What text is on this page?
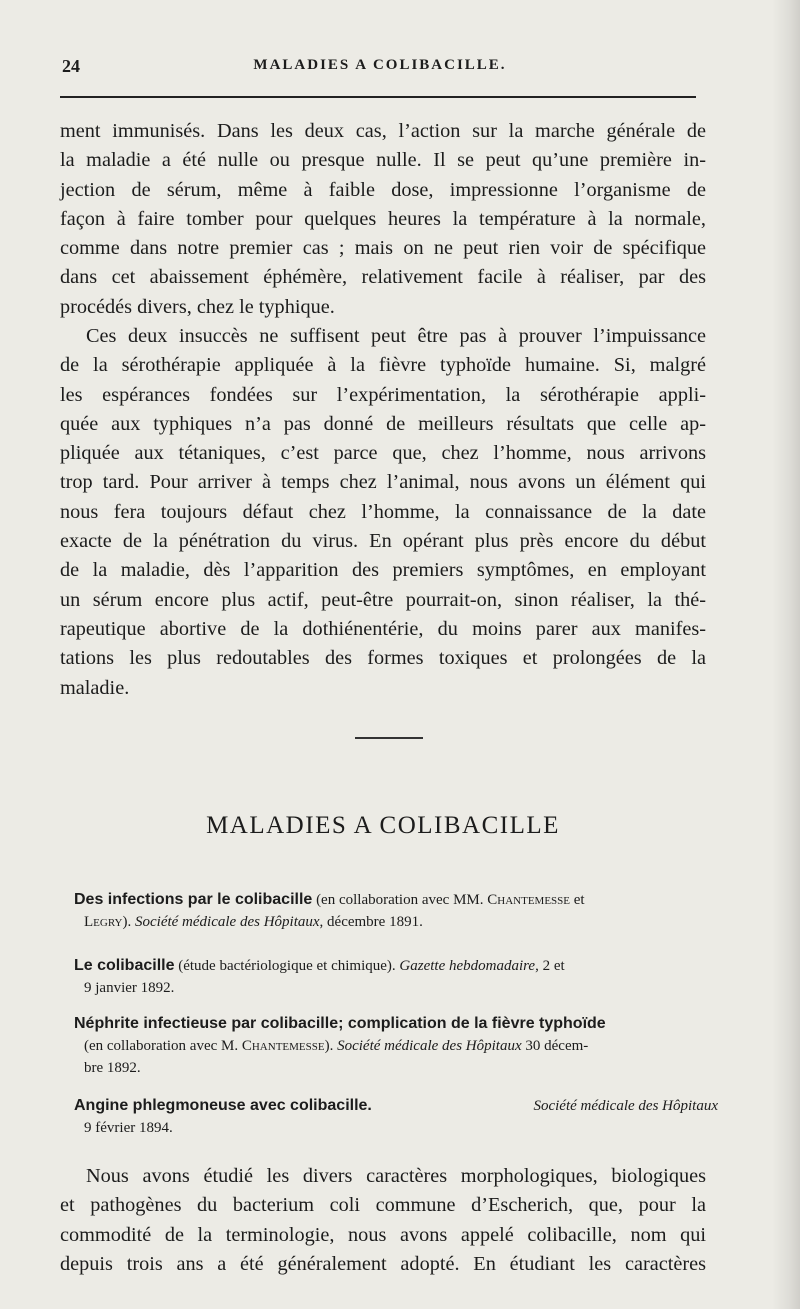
24	MALADIES A COLIBACILLE.
ment immunisés. Dans les deux cas, l’action sur la marche générale de
la maladie a été nulle ou presque nulle. Il se peut qu’une première in-
jection de sérum, même à faible dose, impressionne l’organisme de
façon à faire tomber pour quelques heures la température à la normale,
comme dans notre premier cas ; mais on ne peut rien voir de spécifique
dans cet abaissement éphémère, relativement facile à réaliser, par des
procédés divers, chez le typhique.
Ces deux insuccès ne suffisent peut être pas à prouver l’impuissance
de la sérothérapie appliquée à la fièvre typhoïde humaine. Si, malgré
les espérances fondées sur l’expérimentation, la sérothérapie appli-
quée aux typhiques n’a pas donné de meilleurs résultats que celle ap-
pliquée aux tétaniques, c’est parce que, chez l’homme, nous arrivons
trop tard. Pour arriver à temps chez l’animal, nous avons un élément qui
nous fera toujours défaut chez l’homme, la connaissance de la date
exacte de la pénétration du virus. En opérant plus près encore du début
de la maladie, dès l’apparition des premiers symptômes, en employant
un sérum encore plus actif, peut-être pourrait-on, sinon réaliser, la thé-
rapeutique abortive de la dothiénentérie, du moins parer aux manifes-
tations les plus redoutables des formes toxiques et prolongées de la
maladie.
MALADIES A COLIBACILLE
Des infections par le colibacille (en collaboration avec MM. Chantemesse et
Legry). Société médicale des Hôpitaux, décembre 1891.
Le colibacille (étude bactériologique et chimique). Gazette hebdomadaire, 2 et
9 janvier 1892.
Néphrite infectieuse par colibacille; complication de la fièvre typhoïde
(en collaboration avec M. Chantemesse). Société médicale des Hôpitaux 30 décem-
bre 1892.
Angine phlegmoneuse avec colibacille.	Société médicale des Hôpitaux
9 février 1894.
Nous avons étudié les divers caractères morphologiques, biologiques
et pathogènes du bacterium coli commune d’Escherich, que, pour la
commodité de la terminologie, nous avons appelé colibacille, nom qui
depuis trois ans a été généralement adopté. En étudiant les caractères
